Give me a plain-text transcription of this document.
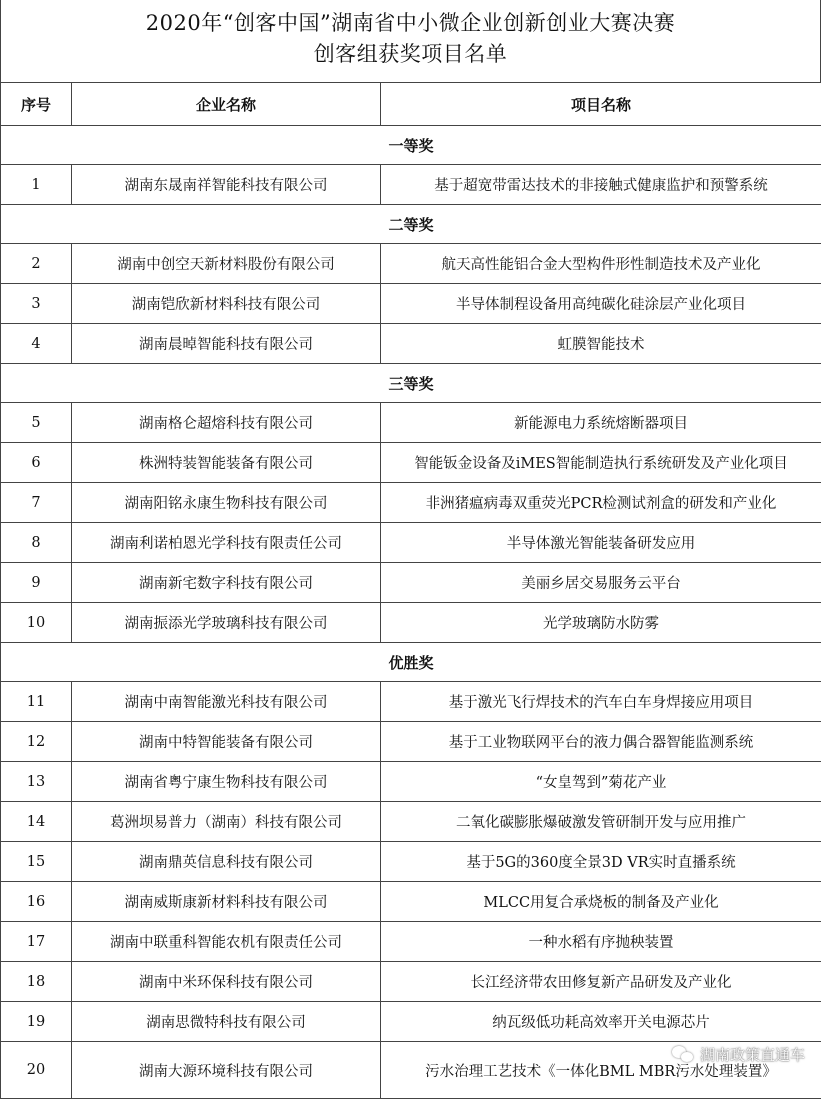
2020年“创客中国”湖南省中小微企业创新创业大赛决赛
创客组获奖项目名单
序号	企业名称	项目名称
一等奖		
1	湖南东晟南祥智能科技有限公司	基于超宽带雷达技术的非接触式健康监护和预警系统
二等奖		
2	湖南中创空天新材料股份有限公司	航天高性能铝合金大型构件形性制造技术及产业化
3	湖南铠欣新材料科技有限公司	半导体制程设备用高纯碳化硅涂层产业化项目
4	湖南晨晫智能科技有限公司	虹膜智能技术
三等奖		
5	湖南格仑超熔科技有限公司	新能源电力系统熔断器项目
6	株洲特装智能装备有限公司	智能钣金设备及iMES智能制造执行系统研发及产业化项目
7	湖南阳铭永康生物科技有限公司	非洲猪瘟病毒双重荧光PCR检测试剂盒的研发和产业化
8	湖南利诺柏恩光学科技有限责任公司	半导体激光智能装备研发应用
9	湖南新宅数字科技有限公司	美丽乡居交易服务云平台
10	湖南振添光学玻璃科技有限公司	光学玻璃防水防雾
优胜奖		
11	湖南中南智能激光科技有限公司	基于激光飞行焊技术的汽车白车身焊接应用项目
12	湖南中特智能装备有限公司	基于工业物联网平台的液力偶合器智能监测系统
13	湖南省粤宁康生物科技有限公司	“女皇驾到”菊花产业
14	葛洲坝易普力（湖南）科技有限公司	二氧化碳膨胀爆破激发管研制开发与应用推广
15	湖南鼎英信息科技有限公司	基于5G的360度全景3D VR实时直播系统
16	湖南威斯康新材料科技有限公司	MLCC用复合承烧板的制备及产业化
17	湖南中联重科智能农机有限责任公司	一种水稻有序抛秧装置
18	湖南中米环保科技有限公司	长江经济带农田修复新产品研发及产业化
19	湖南思微特科技有限公司	纳瓦级低功耗高效率开关电源芯片
20	湖南大源环境科技有限公司	污水治理工艺技术《一体化BML MBR污水处理装置》
湖南政策直通车
